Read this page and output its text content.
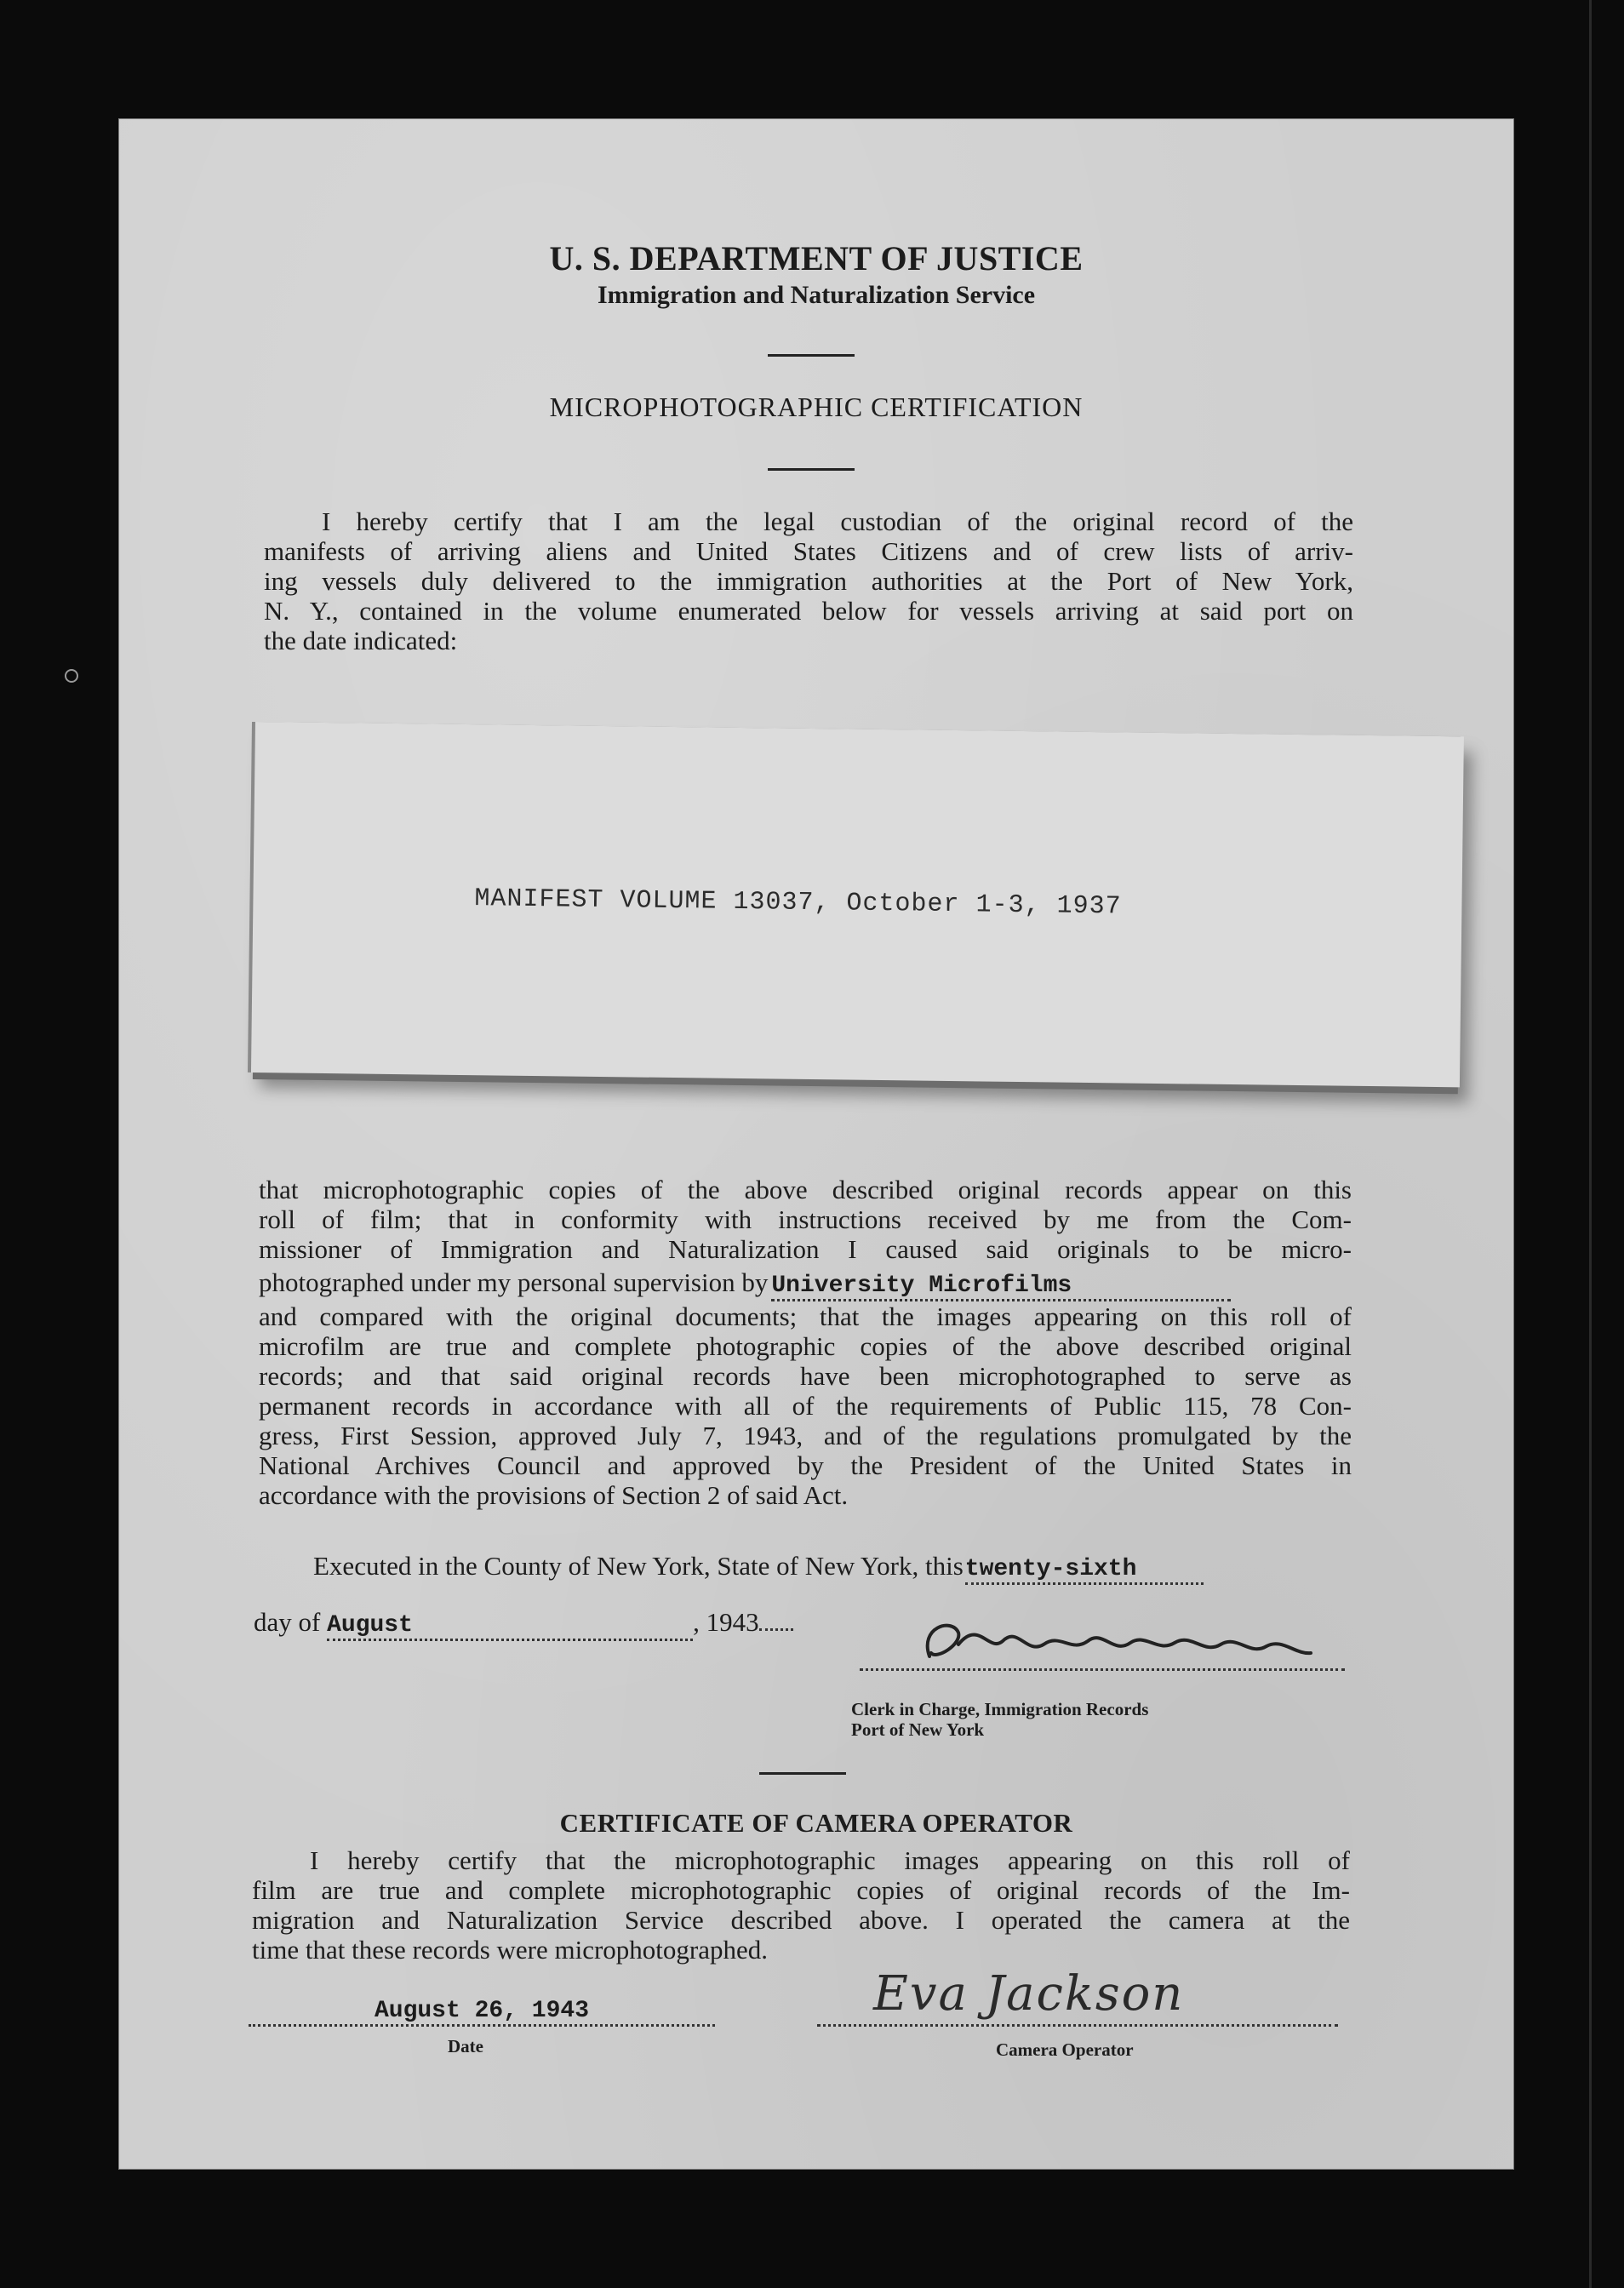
U. S. DEPARTMENT OF JUSTICE
Immigration and Naturalization Service
MICROPHOTOGRAPHIC CERTIFICATION
I hereby certify that I am the legal custodian of the original record of the
manifests of arriving aliens and United States Citizens and of crew lists of arriv-
ing vessels duly delivered to the immigration authorities at the Port of New York,
N. Y., contained in the volume enumerated below for vessels arriving at said port on
the date indicated:
MANIFEST VOLUME 13037, October 1-3, 1937
that microphotographic copies of the above described original records appear on this
roll of film; that in conformity with instructions received by me from the Com-
missioner of Immigration and Naturalization I caused said originals to be micro-
photographed under my personal supervision by University Microfilms
and compared with the original documents; that the images appearing on this roll of
microfilm are true and complete photographic copies of the above described original
records; and that said original records have been microphotographed to serve as
permanent records in accordance with all of the requirements of Public 115, 78 Con-
gress, First Session, approved July 7, 1943, and of the regulations promulgated by the
National Archives Council and approved by the President of the United States in
accordance with the provisions of Section 2 of said Act.
Executed in the County of New York, State of New York, thistwenty-sixth
day of August	, 1943
Clerk in Charge, Immigration Records
Port of New York
CERTIFICATE OF CAMERA OPERATOR
I hereby certify that the microphotographic images appearing on this roll of
film are true and complete microphotographic copies of original records of the Im-
migration and Naturalization Service described above. I operated the camera at the
time that these records were microphotographed.
August 26, 1943
Date
Eva Jackson
Camera Operator
